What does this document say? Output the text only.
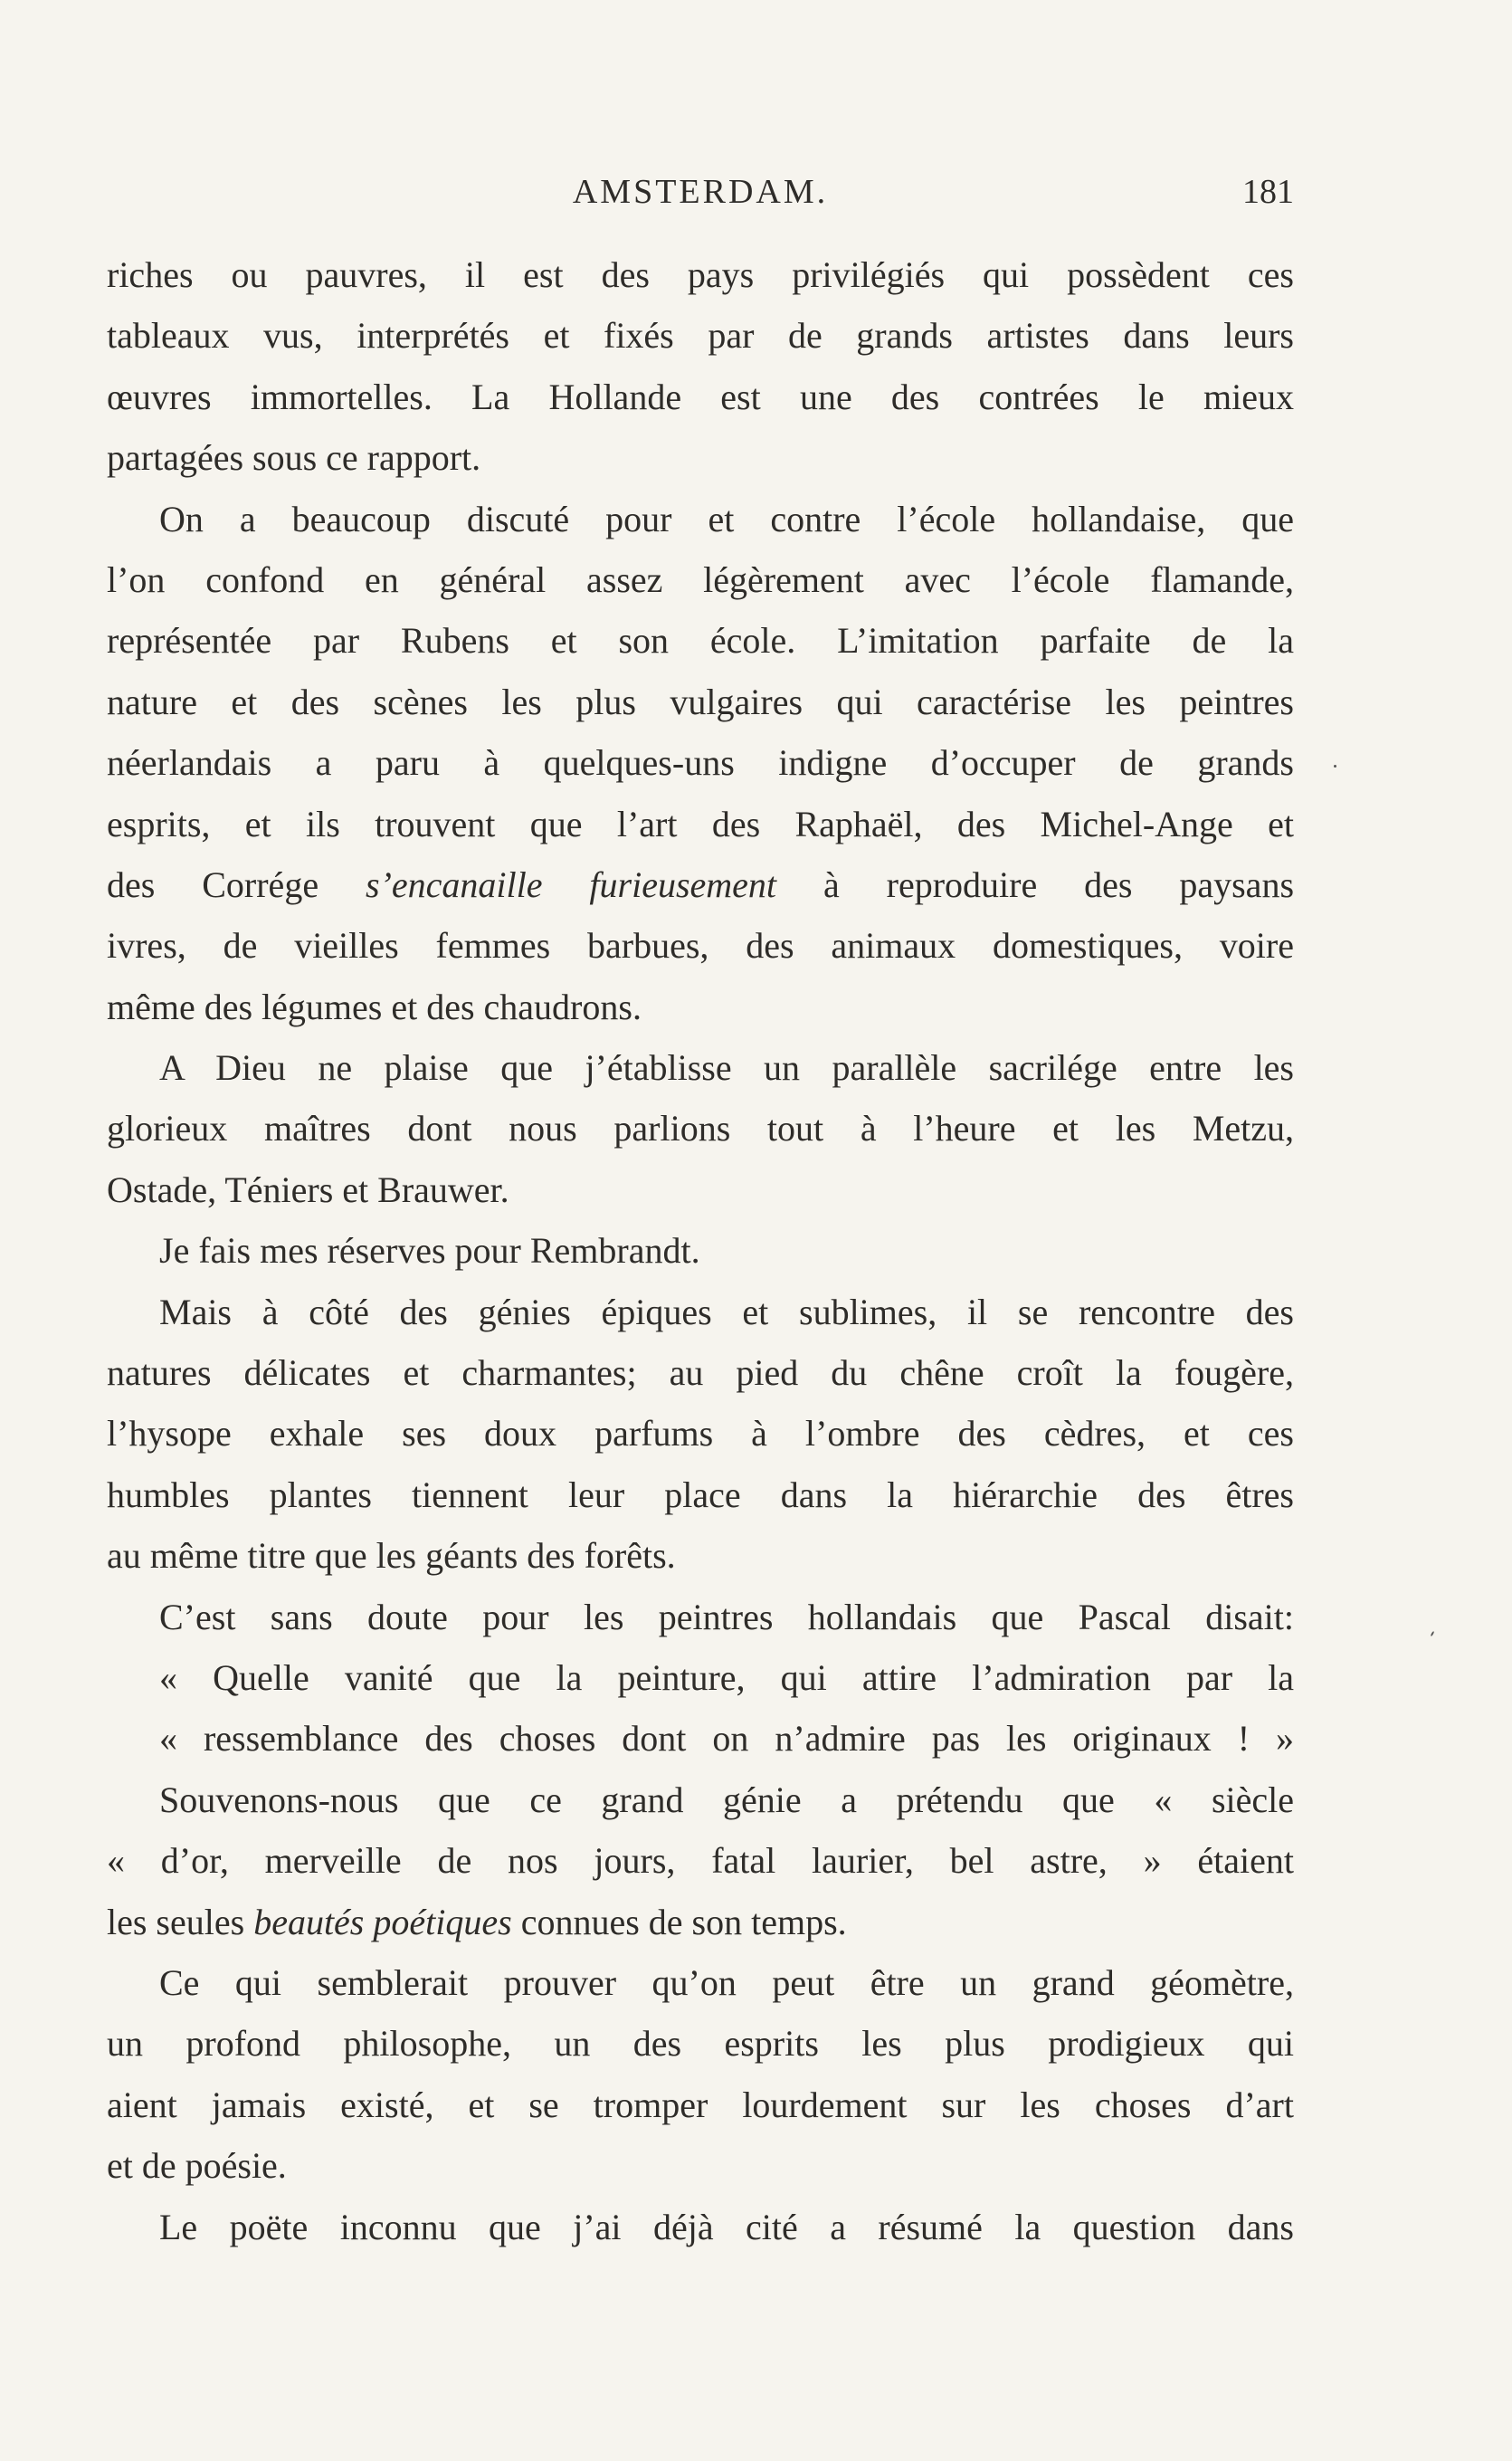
AMSTERDAM.	181
riches ou pauvres, il est des pays privilégiés qui possèdent ces
tableaux vus, interprétés et fixés par de grands artistes dans leurs
œuvres immortelles. La Hollande est une des contrées le mieux
partagées sous ce rapport.
On a beaucoup discuté pour et contre l’école hollandaise, que
l’on confond en général assez légèrement avec l’école flamande,
représentée par Rubens et son école. L’imitation parfaite de la
nature et des scènes les plus vulgaires qui caractérise les peintres
néerlandais a paru à quelques-uns indigne d’occuper de grands
esprits, et ils trouvent que l’art des Raphaël, des Michel-Ange et
des Corrége s’encanaille furieusement à reproduire des paysans
ivres, de vieilles femmes barbues, des animaux domestiques, voire
même des légumes et des chaudrons.
A Dieu ne plaise que j’établisse un parallèle sacrilége entre les
glorieux maîtres dont nous parlions tout à l’heure et les Metzu,
Ostade, Téniers et Brauwer.
Je fais mes réserves pour Rembrandt.
Mais à côté des génies épiques et sublimes, il se rencontre des
natures délicates et charmantes; au pied du chêne croît la fougère,
l’hysope exhale ses doux parfums à l’ombre des cèdres, et ces
humbles plantes tiennent leur place dans la hiérarchie des êtres
au même titre que les géants des forêts.
C’est sans doute pour les peintres hollandais que Pascal disait:
« Quelle vanité que la peinture, qui attire l’admiration par la
« ressemblance des choses dont on n’admire pas les originaux ! »
Souvenons-nous que ce grand génie a prétendu que « siècle
« d’or, merveille de nos jours, fatal laurier, bel astre, » étaient
les seules beautés poétiques connues de son temps.
Ce qui semblerait prouver qu’on peut être un grand géomètre,
un profond philosophe, un des esprits les plus prodigieux qui
aient jamais existé, et se tromper lourdement sur les choses d’art
et de poésie.
Le poëte inconnu que j’ai déjà cité a résumé la question dans
